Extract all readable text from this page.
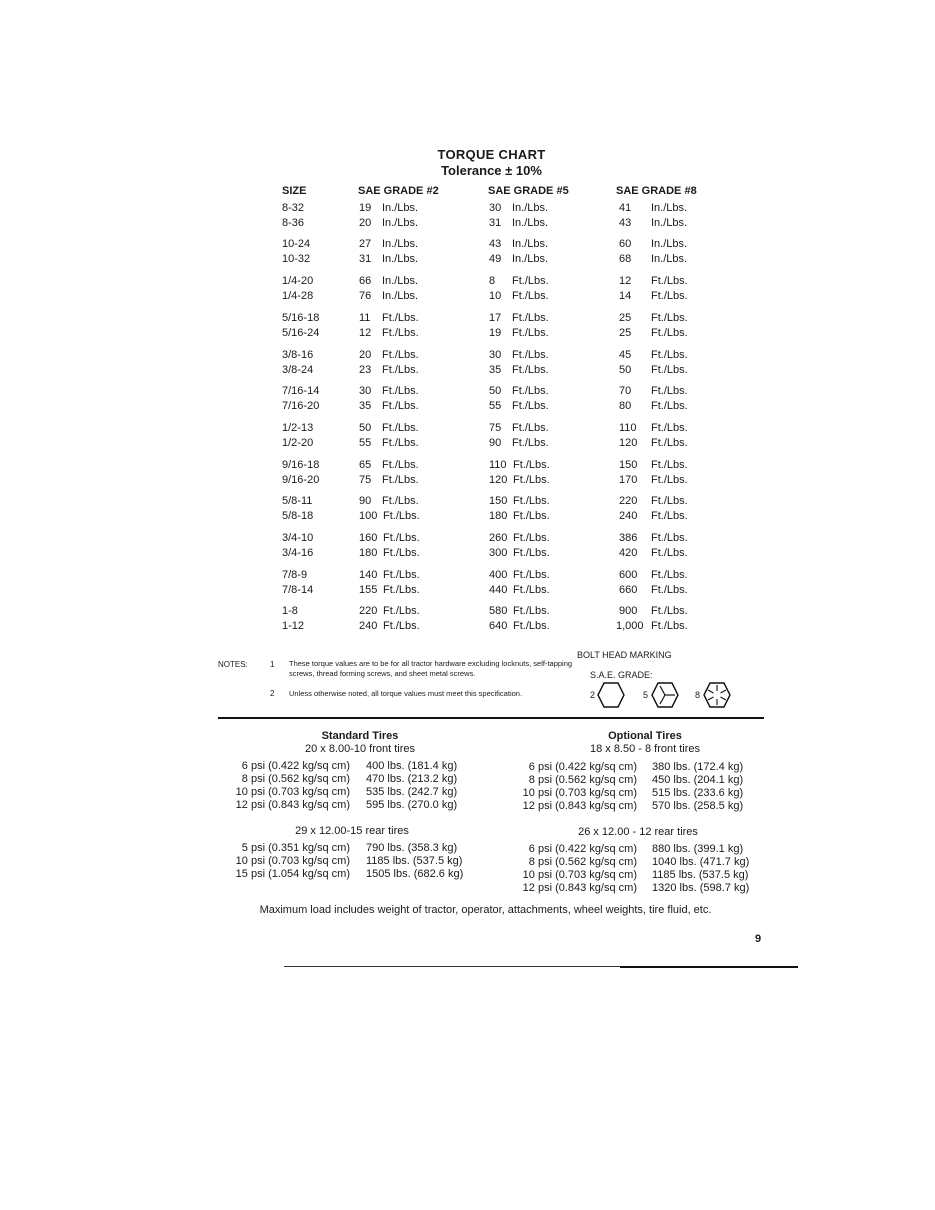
TORQUE CHART
Tolerance ± 10%
SIZE	SAE GRADE #2	SAE GRADE #5	SAE GRADE #8
8-32	19 In./Lbs.	30 In./Lbs.	41 In./Lbs.
8-36	20 In./Lbs.	31 In./Lbs.	43 In./Lbs.
10-24	27 In./Lbs.	43 In./Lbs.	60 In./Lbs.
10-32	31 In./Lbs.	49 In./Lbs.	68 In./Lbs.
1/4-20	66 In./Lbs.	8 Ft./Lbs.	12 Ft./Lbs.
1/4-28	76 In./Lbs.	10 Ft./Lbs.	14 Ft./Lbs.
5/16-18	11 Ft./Lbs.	17 Ft./Lbs.	25 Ft./Lbs.
5/16-24	12 Ft./Lbs.	19 Ft./Lbs.	25 Ft./Lbs.
3/8-16	20 Ft./Lbs.	30 Ft./Lbs.	45 Ft./Lbs.
3/8-24	23 Ft./Lbs.	35 Ft./Lbs.	50 Ft./Lbs.
7/16-14	30 Ft./Lbs.	50 Ft./Lbs.	70 Ft./Lbs.
7/16-20	35 Ft./Lbs.	55 Ft./Lbs.	80 Ft./Lbs.
1/2-13	50 Ft./Lbs.	75 Ft./Lbs.	110 Ft./Lbs.
1/2-20	55 Ft./Lbs.	90 Ft./Lbs.	120 Ft./Lbs.
9/16-18	65 Ft./Lbs.	110 Ft./Lbs.	150 Ft./Lbs.
9/16-20	75 Ft./Lbs.	120 Ft./Lbs.	170 Ft./Lbs.
5/8-11	90 Ft./Lbs.	150 Ft./Lbs.	220 Ft./Lbs.
5/8-18	100 Ft./Lbs.	180 Ft./Lbs.	240 Ft./Lbs.
3/4-10	160 Ft./Lbs.	260 Ft./Lbs.	386 Ft./Lbs.
3/4-16	180 Ft./Lbs.	300 Ft./Lbs.	420 Ft./Lbs.
7/8-9	140 Ft./Lbs.	400 Ft./Lbs.	600 Ft./Lbs.
7/8-14	155 Ft./Lbs.	440 Ft./Lbs.	660 Ft./Lbs.
1-8	220 Ft./Lbs.	580 Ft./Lbs.	900 Ft./Lbs.
1-12	240 Ft./Lbs.	640 Ft./Lbs.	1,000 Ft./Lbs.
NOTES:	1 These torque values are to be for all tractor hardware excluding locknuts, self-tapping screws, thread forming screws, and sheet metal screws.
2 Unless otherwise noted, all torque values must meet this specification.
BOLT HEAD MARKING
S.A.E. GRADE:
2	5	8
Standard Tires
20 x 8.00-10 front tires
Optional Tires
18 x 8.50 - 8 front tires
29 x 12.00-15 rear tires	26 x 12.00 - 12 rear tires
6 psi (0.422 kg/sq cm) 400 lbs. (181.4 kg)
8 psi (0.562 kg/sq cm) 470 lbs. (213.2 kg)
10 psi (0.703 kg/sq cm) 535 lbs. (242.7 kg)
12 psi (0.843 kg/sq cm) 595 lbs. (270.0 kg)
5 psi (0.351 kg/sq cm) 790 lbs. (358.3 kg)
10 psi (0.703 kg/sq cm) 1185 lbs. (537.5 kg)
15 psi (1.054 kg/sq cm) 1505 lbs. (682.6 kg)
6 psi (0.422 kg/sq cm) 380 lbs. (172.4 kg)
8 psi (0.562 kg/sq cm) 450 lbs. (204.1 kg)
10 psi (0.703 kg/sq cm) 515 lbs. (233.6 kg)
12 psi (0.843 kg/sq cm) 570 lbs. (258.5 kg)
6 psi (0.422 kg/sq cm) 880 lbs. (399.1 kg)
8 psi (0.562 kg/sq cm) 1040 lbs. (471.7 kg)
10 psi (0.703 kg/sq cm) 1185 lbs. (537.5 kg)
12 psi (0.843 kg/sq cm) 1320 lbs. (598.7 kg)
Maximum load includes weight of tractor, operator, attachments, wheel weights, tire fluid, etc.
9
